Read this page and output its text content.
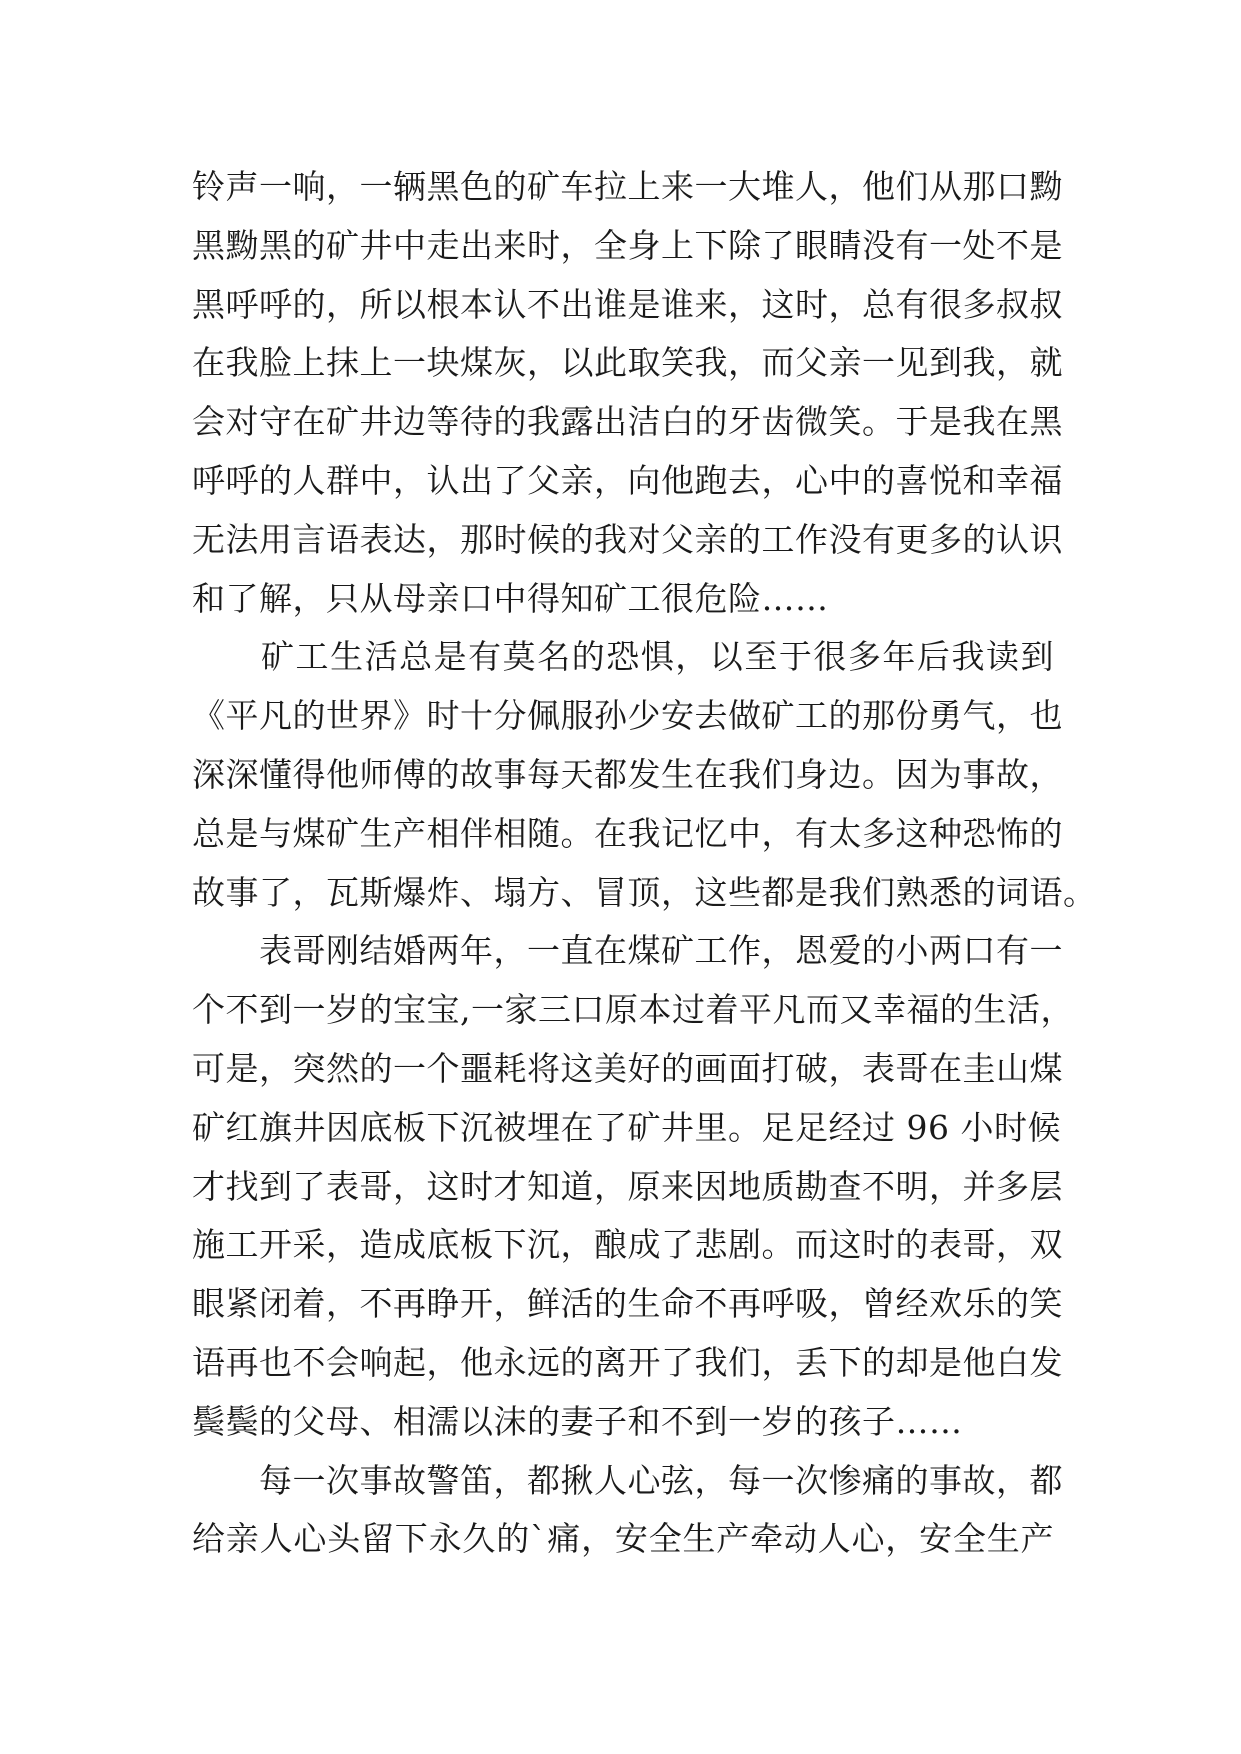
铃声一响，一辆黑色的矿车拉上来一大堆人，他们从那口黝
黑黝黑的矿井中走出来时，全身上下除了眼睛没有一处不是
黑呼呼的，所以根本认不出谁是谁来，这时，总有很多叔叔
在我脸上抹上一块煤灰，以此取笑我，而父亲一见到我，就
会对守在矿井边等待的我露出洁白的牙齿微笑。于是我在黑
呼呼的人群中，认出了父亲，向他跑去，心中的喜悦和幸福
无法用言语表达，那时候的我对父亲的工作没有更多的认识
和了解，只从母亲口中得知矿工很危险……
　　矿工生活总是有莫名的恐惧，以至于很多年后我读到
《平凡的世界》时十分佩服孙少安去做矿工的那份勇气，也
深深懂得他师傅的故事每天都发生在我们身边。因为事故，
总是与煤矿生产相伴相随。在我记忆中，有太多这种恐怖的
故事了，瓦斯爆炸、塌方、冒顶，这些都是我们熟悉的词语。
　　表哥刚结婚两年，一直在煤矿工作，恩爱的小两口有一
个不到一岁的宝宝,一家三口原本过着平凡而又幸福的生活，
可是，突然的一个噩耗将这美好的画面打破，表哥在圭山煤
矿红旗井因底板下沉被埋在了矿井里。足足经过 96 小时候
才找到了表哥，这时才知道，原来因地质勘查不明，并多层
施工开采，造成底板下沉，酿成了悲剧。而这时的表哥，双
眼紧闭着，不再睁开，鲜活的生命不再呼吸，曾经欢乐的笑
语再也不会响起，他永远的离开了我们，丢下的却是他白发
鬓鬓的父母、相濡以沫的妻子和不到一岁的孩子……
　　每一次事故警笛，都揪人心弦，每一次惨痛的事故，都
给亲人心头留下永久的`痛，安全生产牵动人心，安全生产
